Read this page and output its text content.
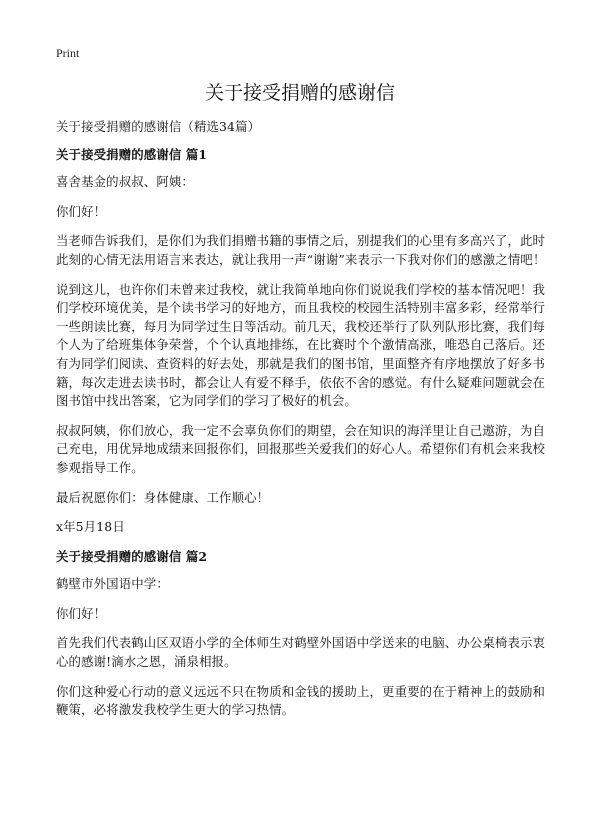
Print
关于接受捐赠的感谢信

关于接受捐赠的感谢信（精选34篇）

关于接受捐赠的感谢信 篇1

喜舍基金的叔叔、阿姨：

你们好！

当老师告诉我们，是你们为我们捐赠书籍的事情之后，别提我们的心里有多高兴了，此时此刻的心情无法用语言来表达，就让我用一声“谢谢”来表示一下我对你们的感激之情吧！

说到这儿，也许你们未曾来过我校，就让我简单地向你们说说我们学校的基本情况吧！我们学校环境优美，是个读书学习的好地方，而且我校的校园生活特别丰富多彩，经常举行一些朗读比赛，每月为同学过生日等活动。前几天，我校还举行了队列队形比赛，我们每个人为了给班集体争荣誉，个个认真地排练，在比赛时个个激情高涨，唯恐自己落后。还有为同学们阅读、查资料的好去处，那就是我们的图书馆，里面整齐有序地摆放了好多书籍，每次走进去读书时，都会让人有爱不释手，依依不舍的感觉。有什么疑难问题就会在图书馆中找出答案，它为同学们的学习了极好的机会。

叔叔阿姨，你们放心，我一定不会辜负你们的期望，会在知识的海洋里让自己遨游，为自己充电，用优异地成绩来回报你们，回报那些关爱我们的好心人。希望你们有机会来我校参观指导工作。

最后祝愿你们：身体健康、工作顺心！

x年5月18日

关于接受捐赠的感谢信 篇2

鹤壁市外国语中学：

你们好！

首先我们代表鹤山区双语小学的全体师生对鹤壁外国语中学送来的电脑、办公桌椅表示衷心的感谢!滴水之恩，涌泉相报。

你们这种爱心行动的意义远远不只在物质和金钱的援助上，更重要的在于精神上的鼓励和鞭策，必将激发我校学生更大的学习热情。
